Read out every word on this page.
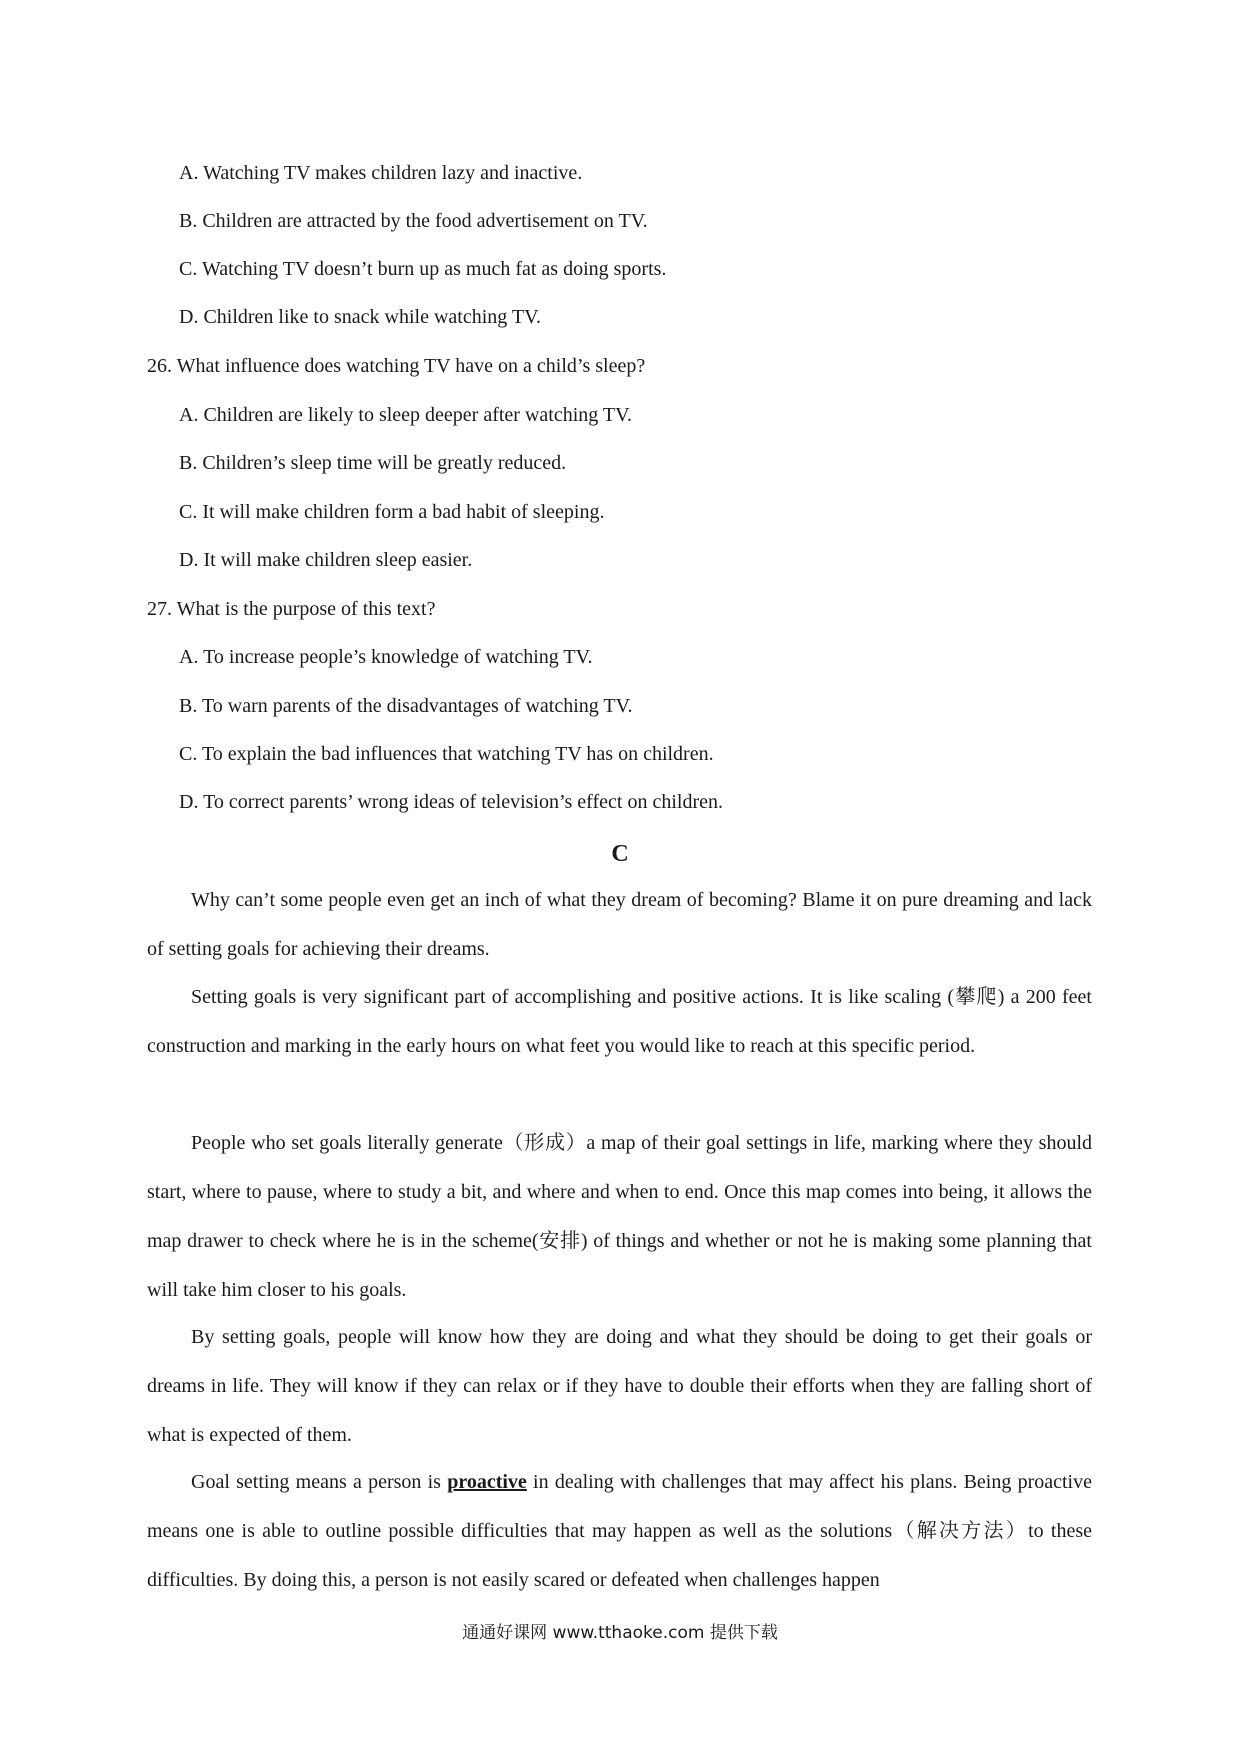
A. Watching TV makes children lazy and inactive.
B. Children are attracted by the food advertisement on TV.
C. Watching TV doesn’t burn up as much fat as doing sports.
D. Children like to snack while watching TV.
26. What influence does watching TV have on a child’s sleep?
A. Children are likely to sleep deeper after watching TV.
B. Children’s sleep time will be greatly reduced.
C. It will make children form a bad habit of sleeping.
D. It will make children sleep easier.
27. What is the purpose of this text?
A. To increase people’s knowledge of watching TV.
B. To warn parents of the disadvantages of watching TV.
C. To explain the bad influences that watching TV has on children.
D. To correct parents’ wrong ideas of television’s effect on children.
C

Why can’t some people even get an inch of what they dream of becoming? Blame it on pure dreaming and lack of setting goals for achieving their dreams.

Setting goals is very significant part of accomplishing and positive actions. It is like scaling (攀爬) a 200 feet construction and marking in the early hours on what feet you would like to reach at this specific period.

People who set goals literally generate（形成）a map of their goal settings in life, marking where they should start, where to pause, where to study a bit, and where and when to end. Once this map comes into being, it allows the map drawer to check where he is in the scheme(安排) of things and whether or not he is making some planning that will take him closer to his goals.

By setting goals, people will know how they are doing and what they should be doing to get their goals or dreams in life. They will know if they can relax or if they have to double their efforts when they are falling short of what is expected of them.

Goal setting means a person is proactive in dealing with challenges that may affect his plans. Being proactive means one is able to outline possible difficulties that may happen as well as the solutions（解决方法）to these difficulties. By doing this, a person is not easily scared or defeated when challenges happen

通通好课网 www.tthaoke.com 提供下载
